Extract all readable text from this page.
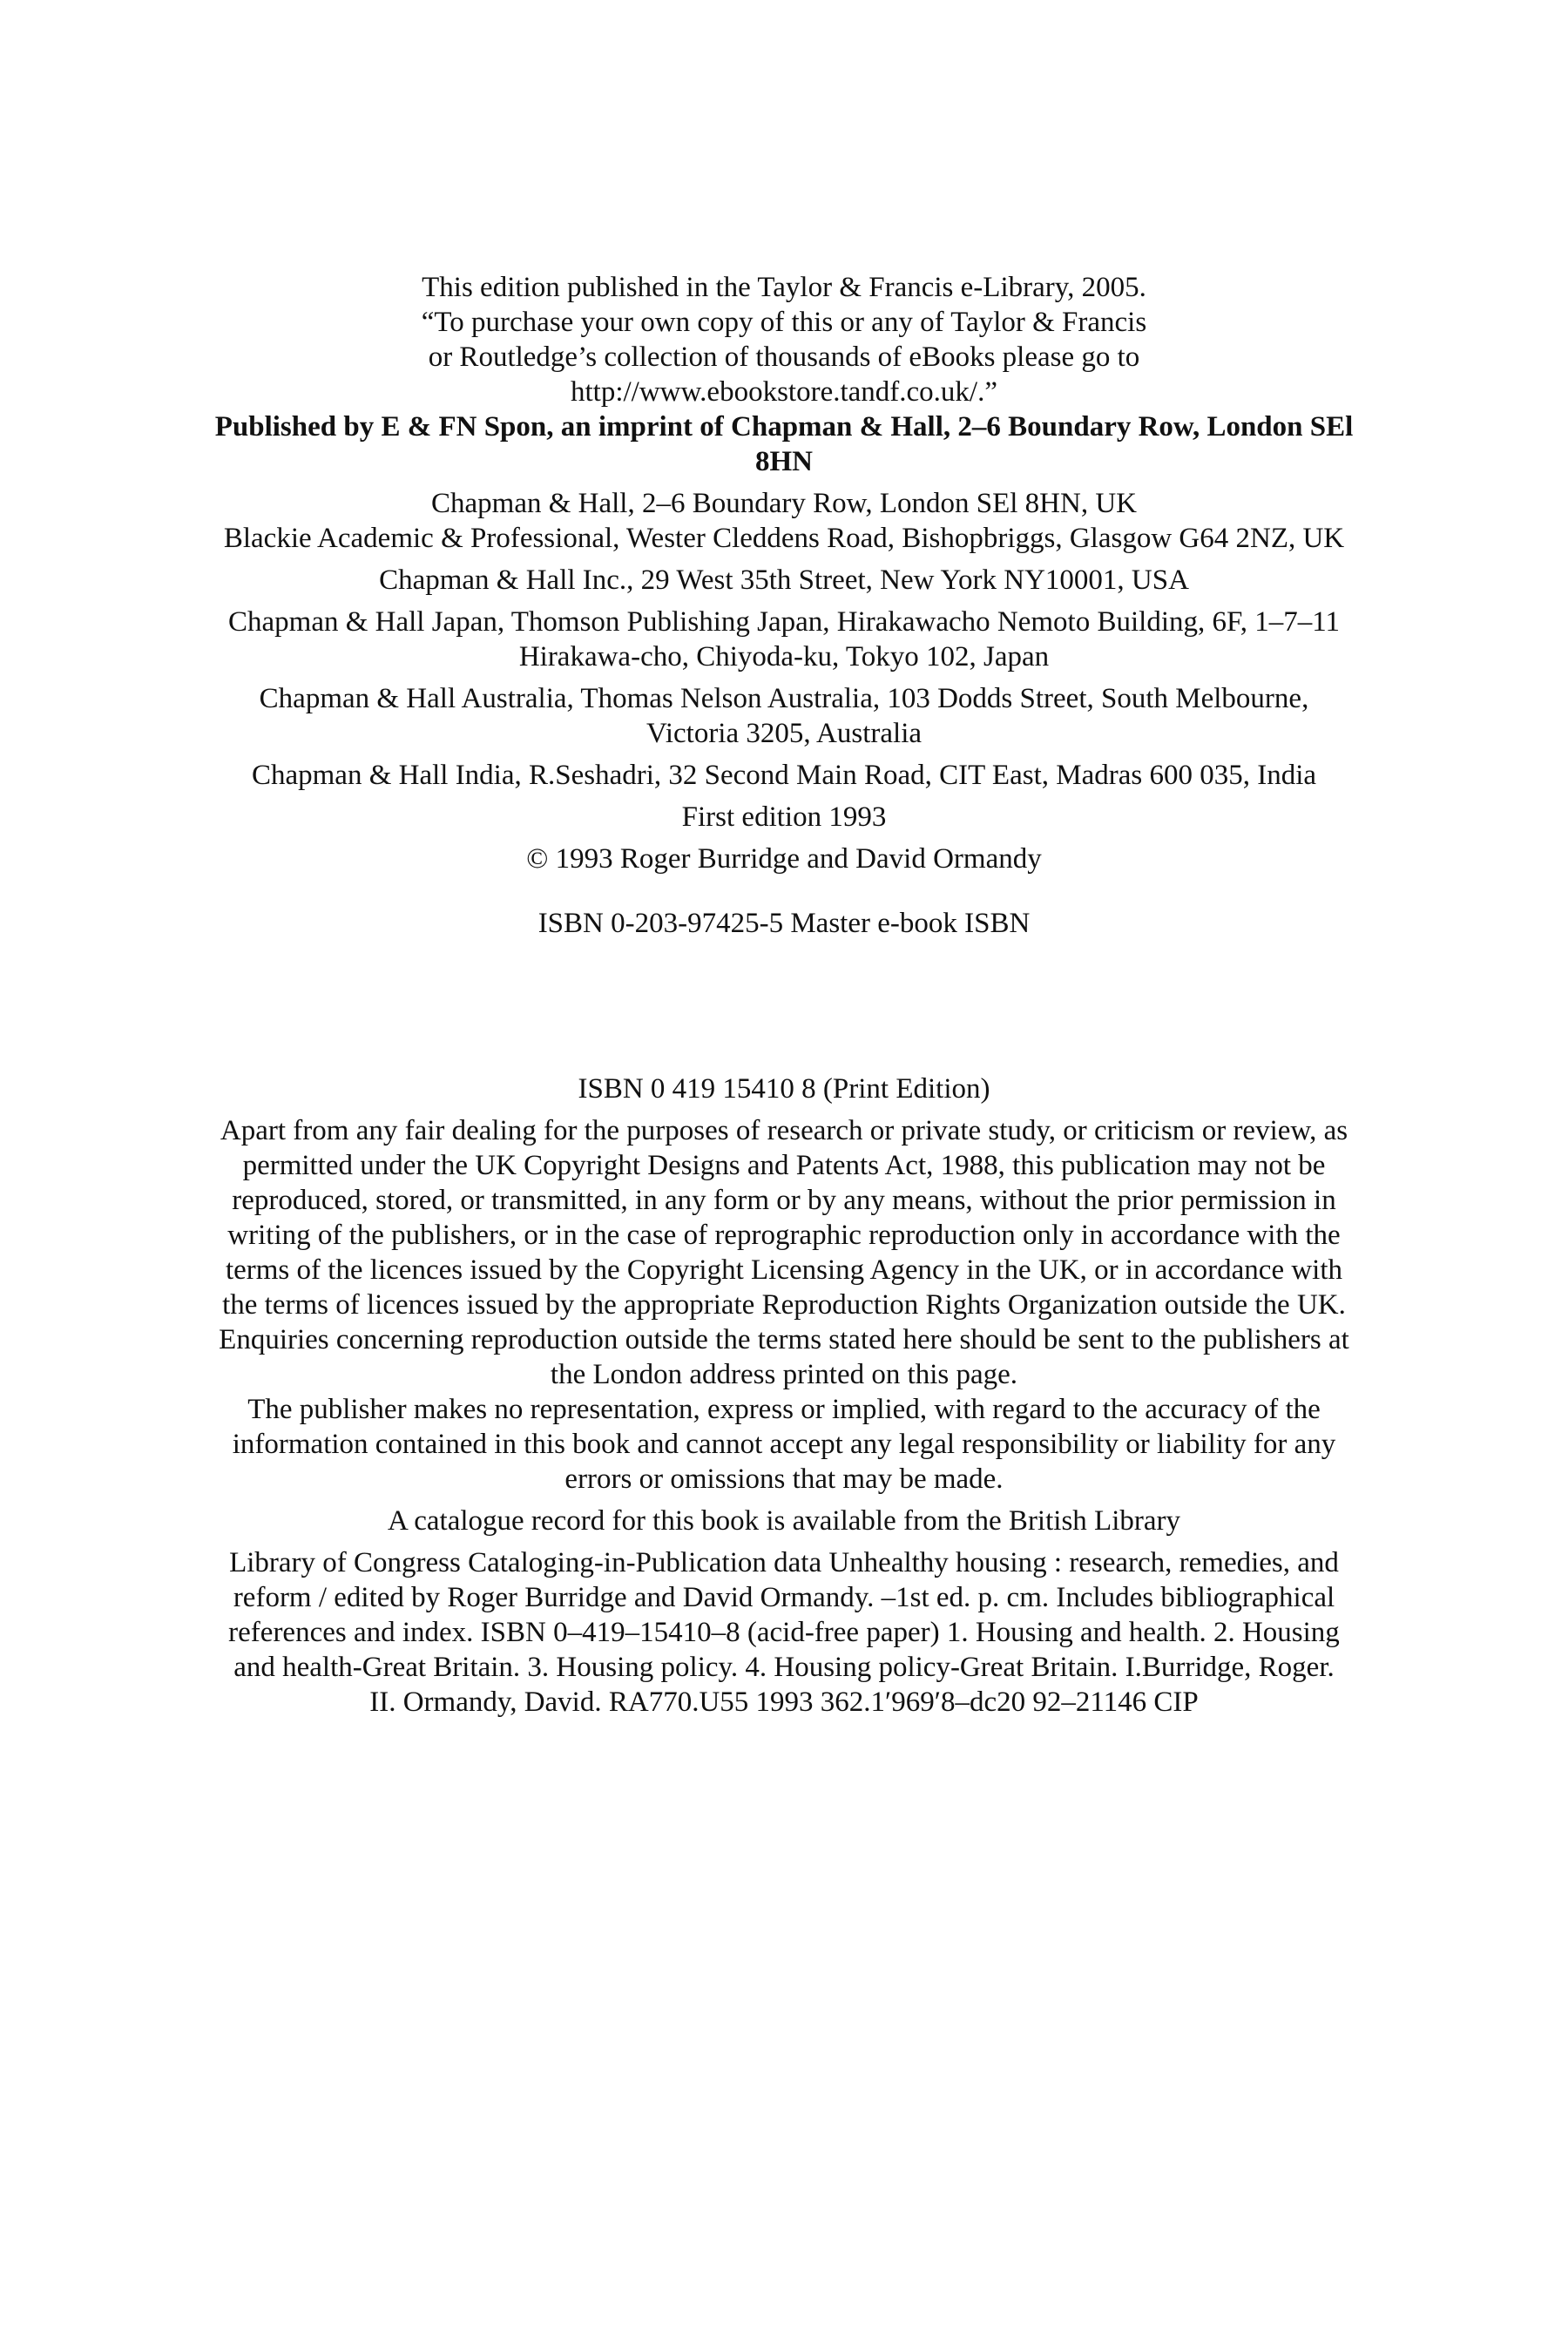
This edition published in the Taylor & Francis e-Library, 2005.
“To purchase your own copy of this or any of Taylor & Francis
or Routledge’s collection of thousands of eBooks please go to
http://www.ebookstore.tandf.co.uk/.”
Published by E & FN Spon, an imprint of Chapman & Hall, 2–6 Boundary Row, London SEl
8HN
Chapman & Hall, 2–6 Boundary Row, London SEl 8HN, UK
Blackie Academic & Professional, Wester Cleddens Road, Bishopbriggs, Glasgow G64 2NZ, UK
Chapman & Hall Inc., 29 West 35th Street, New York NY10001, USA
Chapman & Hall Japan, Thomson Publishing Japan, Hirakawacho Nemoto Building, 6F, 1–7–11
Hirakawa-cho, Chiyoda-ku, Tokyo 102, Japan
Chapman & Hall Australia, Thomas Nelson Australia, 103 Dodds Street, South Melbourne,
Victoria 3205, Australia
Chapman & Hall India, R.Seshadri, 32 Second Main Road, CIT East, Madras 600 035, India
First edition 1993
© 1993 Roger Burridge and David Ormandy
ISBN 0-203-97425-5 Master e-book ISBN
ISBN 0 419 15410 8 (Print Edition)
Apart from any fair dealing for the purposes of research or private study, or criticism or review, as
permitted under the UK Copyright Designs and Patents Act, 1988, this publication may not be
reproduced, stored, or transmitted, in any form or by any means, without the prior permission in
writing of the publishers, or in the case of reprographic reproduction only in accordance with the
terms of the licences issued by the Copyright Licensing Agency in the UK, or in accordance with
the terms of licences issued by the appropriate Reproduction Rights Organization outside the UK.
Enquiries concerning reproduction outside the terms stated here should be sent to the publishers at
the London address printed on this page.
The publisher makes no representation, express or implied, with regard to the accuracy of the
information contained in this book and cannot accept any legal responsibility or liability for any
errors or omissions that may be made.
A catalogue record for this book is available from the British Library
Library of Congress Cataloging-in-Publication data Unhealthy housing : research, remedies, and
reform / edited by Roger Burridge and David Ormandy. –1st ed. p. cm. Includes bibliographical
references and index. ISBN 0–419–15410–8 (acid-free paper) 1. Housing and health. 2. Housing
and health-Great Britain. 3. Housing policy. 4. Housing policy-Great Britain. I.Burridge, Roger.
II. Ormandy, David. RA770.U55 1993 362.1′969′8–dc20 92–21146 CIP
